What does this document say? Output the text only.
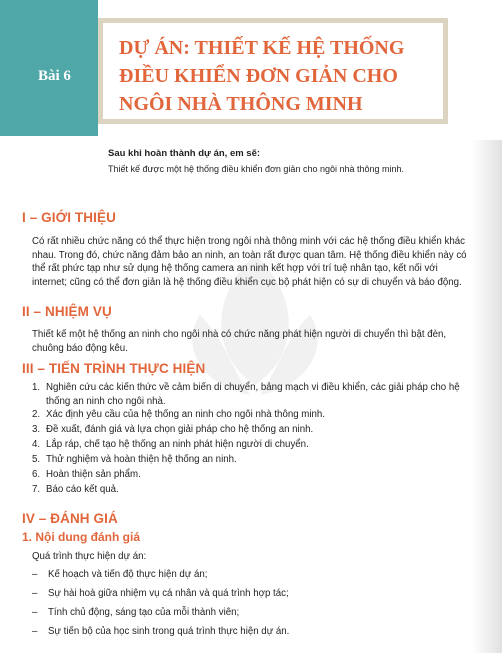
Bài 6
DỰ ÁN: THIẾT KẾ HỆ THỐNG
ĐIỀU KHIỂN ĐƠN GIẢN CHO
NGÔI NHÀ THÔNG MINH
Sau khi hoàn thành dự án, em sẽ:
Thiết kế được một hệ thống điều khiển đơn giản cho ngôi nhà thông minh.
I – GIỚI THIỆU
Có rất nhiều chức năng có thể thực hiện trong ngôi nhà thông minh với các hệ thống điều khiển khác nhau. Trong đó, chức năng đảm bảo an ninh, an toàn rất được quan tâm. Hệ thống điều khiển này có thể rất phức tạp như sử dụng hệ thống camera an ninh kết hợp với trí tuệ nhân tạo, kết nối với internet; cũng có thể đơn giản là hệ thống điều khiển cục bộ phát hiện có sự di chuyển và báo động.
II – NHIỆM VỤ
Thiết kế một hệ thống an ninh cho ngôi nhà có chức năng phát hiện người di chuyển thì bật đèn, chuông báo động kêu.
III – TIẾN TRÌNH THỰC HIỆN
1. Nghiên cứu các kiến thức về cảm biến di chuyển, bảng mạch vi điều khiển, các giải pháp cho hệ thống an ninh cho ngôi nhà.
2. Xác định yêu cầu của hệ thống an ninh cho ngôi nhà thông minh.
3. Đề xuất, đánh giá và lựa chọn giải pháp cho hệ thống an ninh.
4. Lắp ráp, chế tạo hệ thống an ninh phát hiện người di chuyển.
5. Thử nghiệm và hoàn thiện hệ thống an ninh.
6. Hoàn thiện sản phẩm.
7. Báo cáo kết quả.
IV – ĐÁNH GIÁ
1. Nội dung đánh giá
Quá trình thực hiện dự án:
– Kế hoạch và tiến độ thực hiện dự án;
– Sự hài hoà giữa nhiệm vụ cá nhân và quá trình hợp tác;
– Tính chủ động, sáng tạo của mỗi thành viên;
– Sự tiến bộ của học sinh trong quá trình thực hiện dự án.
